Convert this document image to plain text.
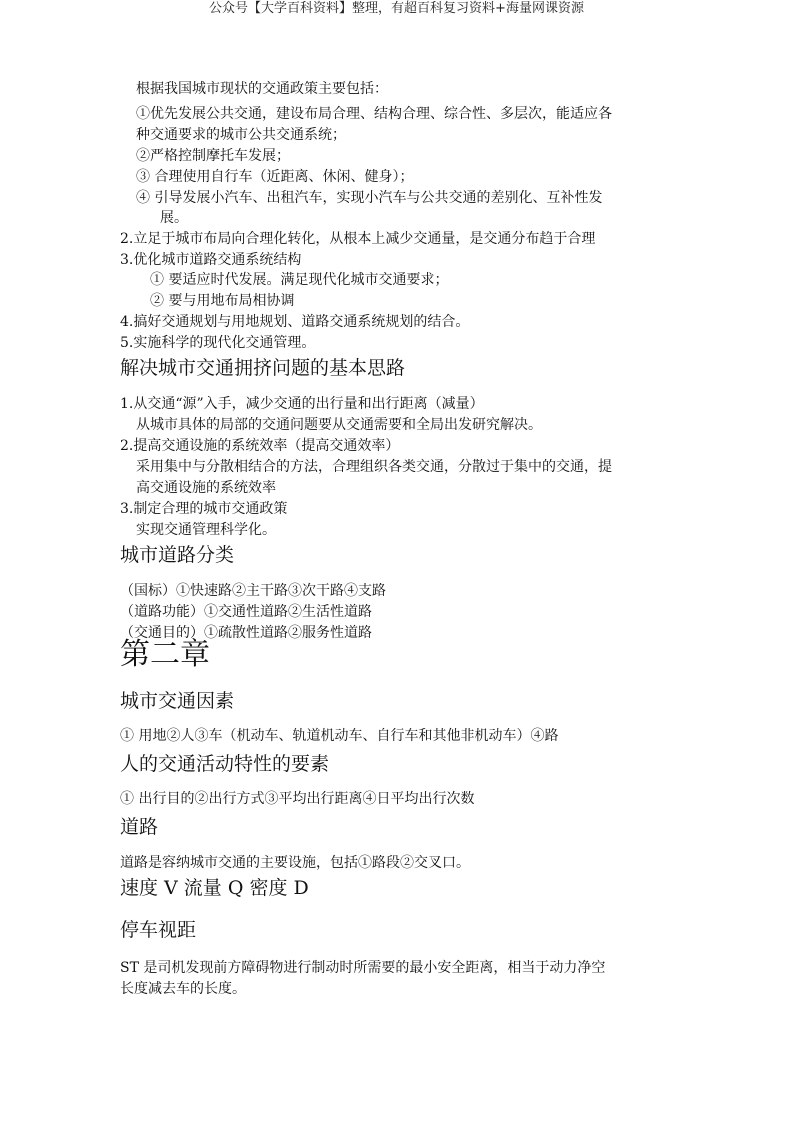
公众号【大学百科资料】整理，有超百科复习资料+海量网课资源
根据我国城市现状的交通政策主要包括：
①优先发展公共交通，建设布局合理、结构合理、综合性、多层次，能适应各
种交通要求的城市公共交通系统；
②严格控制摩托车发展；
③ 合理使用自行车（近距离、休闲、健身）；
④ 引导发展小汽车、出租汽车，实现小汽车与公共交通的差别化、互补性发
展。
2.立足于城市布局向合理化转化，从根本上减少交通量，是交通分布趋于合理
3.优化城市道路交通系统结构
① 要适应时代发展。满足现代化城市交通要求；
② 要与用地布局相协调
4.搞好交通规划与用地规划、道路交通系统规划的结合。
5.实施科学的现代化交通管理。
解决城市交通拥挤问题的基本思路
1.从交通“源”入手，减少交通的出行量和出行距离（减量）
从城市具体的局部的交通问题要从交通需要和全局出发研究解决。
2.提高交通设施的系统效率（提高交通效率）
采用集中与分散相结合的方法，合理组织各类交通，分散过于集中的交通，提
高交通设施的系统效率
3.制定合理的城市交通政策
实现交通管理科学化。
城市道路分类
（国标）①快速路②主干路③次干路④支路
（道路功能）①交通性道路②生活性道路
（交通目的）①疏散性道路②服务性道路
第二章
城市交通因素
① 用地②人③车（机动车、轨道机动车、自行车和其他非机动车）④路
人的交通活动特性的要素
① 出行目的②出行方式③平均出行距离④日平均出行次数
道路
道路是容纳城市交通的主要设施，包括①路段②交叉口。
速度 V 流量 Q 密度 D
停车视距
ST 是司机发现前方障碍物进行制动时所需要的最小安全距离，相当于动力净空
长度减去车的长度。
